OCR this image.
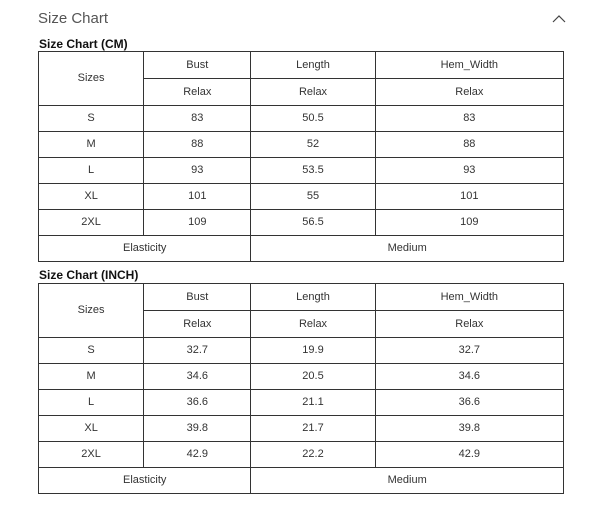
Size Chart
Size Chart (CM)
Sizes	Bust	Length	Hem_Width
	Relax	Relax	Relax
S	83	50.5	83
M	88	52	88
L	93	53.5	93
XL	101	55	101
2XL	109	56.5	109
Elasticity		Medium	
Size Chart (INCH)
Sizes	Bust	Length	Hem_Width
	Relax	Relax	Relax
S	32.7	19.9	32.7
M	34.6	20.5	34.6
L	36.6	21.1	36.6
XL	39.8	21.7	39.8
2XL	42.9	22.2	42.9
Elasticity		Medium	
